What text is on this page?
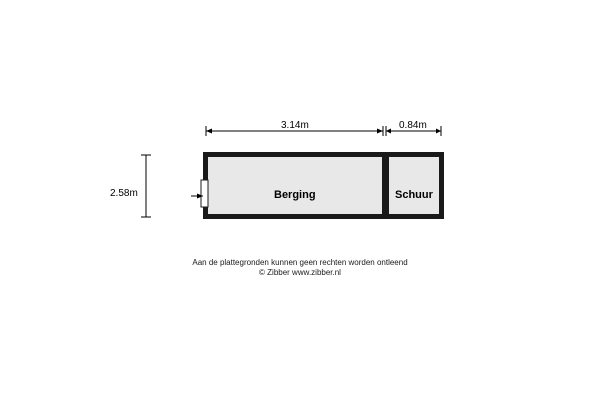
3.14m	0.84m
2.58m	Berging	Schuur
Aan de plattegronden kunnen geen rechten worden ontleend
© Zibber www.zibber.nl
